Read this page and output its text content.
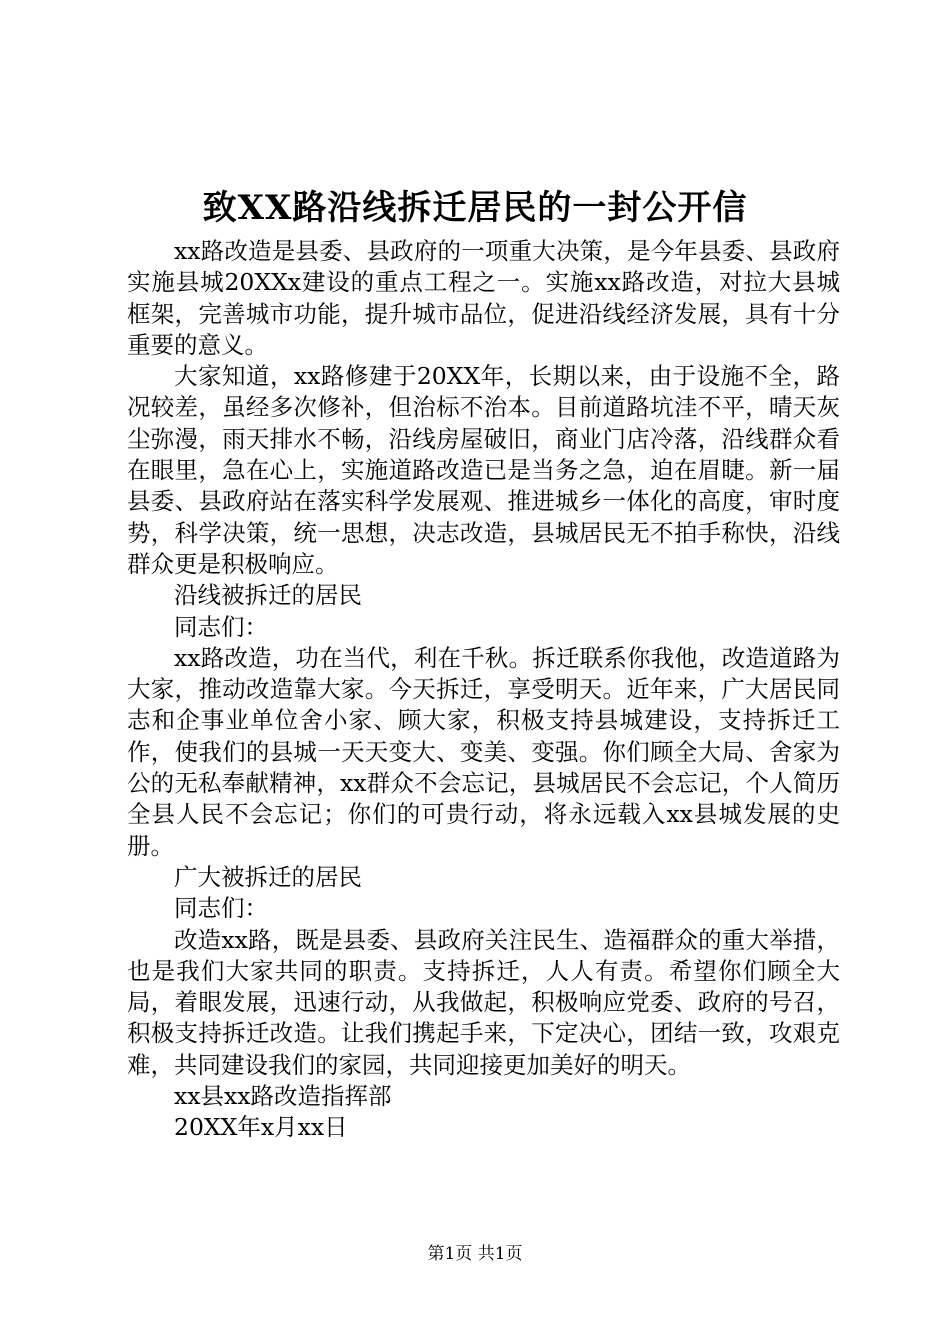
致XX路沿线拆迁居民的一封公开信

xx路改造是县委、县政府的一项重大决策，是今年县委、县政府实施县城20XXx建设的重点工程之一。实施xx路改造，对拉大县城框架，完善城市功能，提升城市品位，促进沿线经济发展，具有十分重要的意义。

大家知道，xx路修建于20XX年，长期以来，由于设施不全，路况较差，虽经多次修补，但治标不治本。目前道路坑洼不平，晴天灰尘弥漫，雨天排水不畅，沿线房屋破旧，商业门店冷落，沿线群众看在眼里，急在心上，实施道路改造已是当务之急，迫在眉睫。新一届县委、县政府站在落实科学发展观、推进城乡一体化的高度，审时度势，科学决策，统一思想，决志改造，县城居民无不拍手称快，沿线群众更是积极响应。

沿线被拆迁的居民

同志们：

xx路改造，功在当代，利在千秋。拆迁联系你我他，改造道路为大家，推动改造靠大家。今天拆迁，享受明天。近年来，广大居民同志和企事业单位舍小家、顾大家，积极支持县城建设，支持拆迁工作，使我们的县城一天天变大、变美、变强。你们顾全大局、舍家为公的无私奉献精神，xx群众不会忘记，县城居民不会忘记，个人简历全县人民不会忘记；你们的可贵行动，将永远载入xx县城发展的史册。

广大被拆迁的居民

同志们：

改造xx路，既是县委、县政府关注民生、造福群众的重大举措，也是我们大家共同的职责。支持拆迁，人人有责。希望你们顾全大局，着眼发展，迅速行动，从我做起，积极响应党委、政府的号召，积极支持拆迁改造。让我们携起手来，下定决心，团结一致，攻艰克难，共同建设我们的家园，共同迎接更加美好的明天。

xx县xx路改造指挥部

20XX年x月xx日

第1页 共1页
